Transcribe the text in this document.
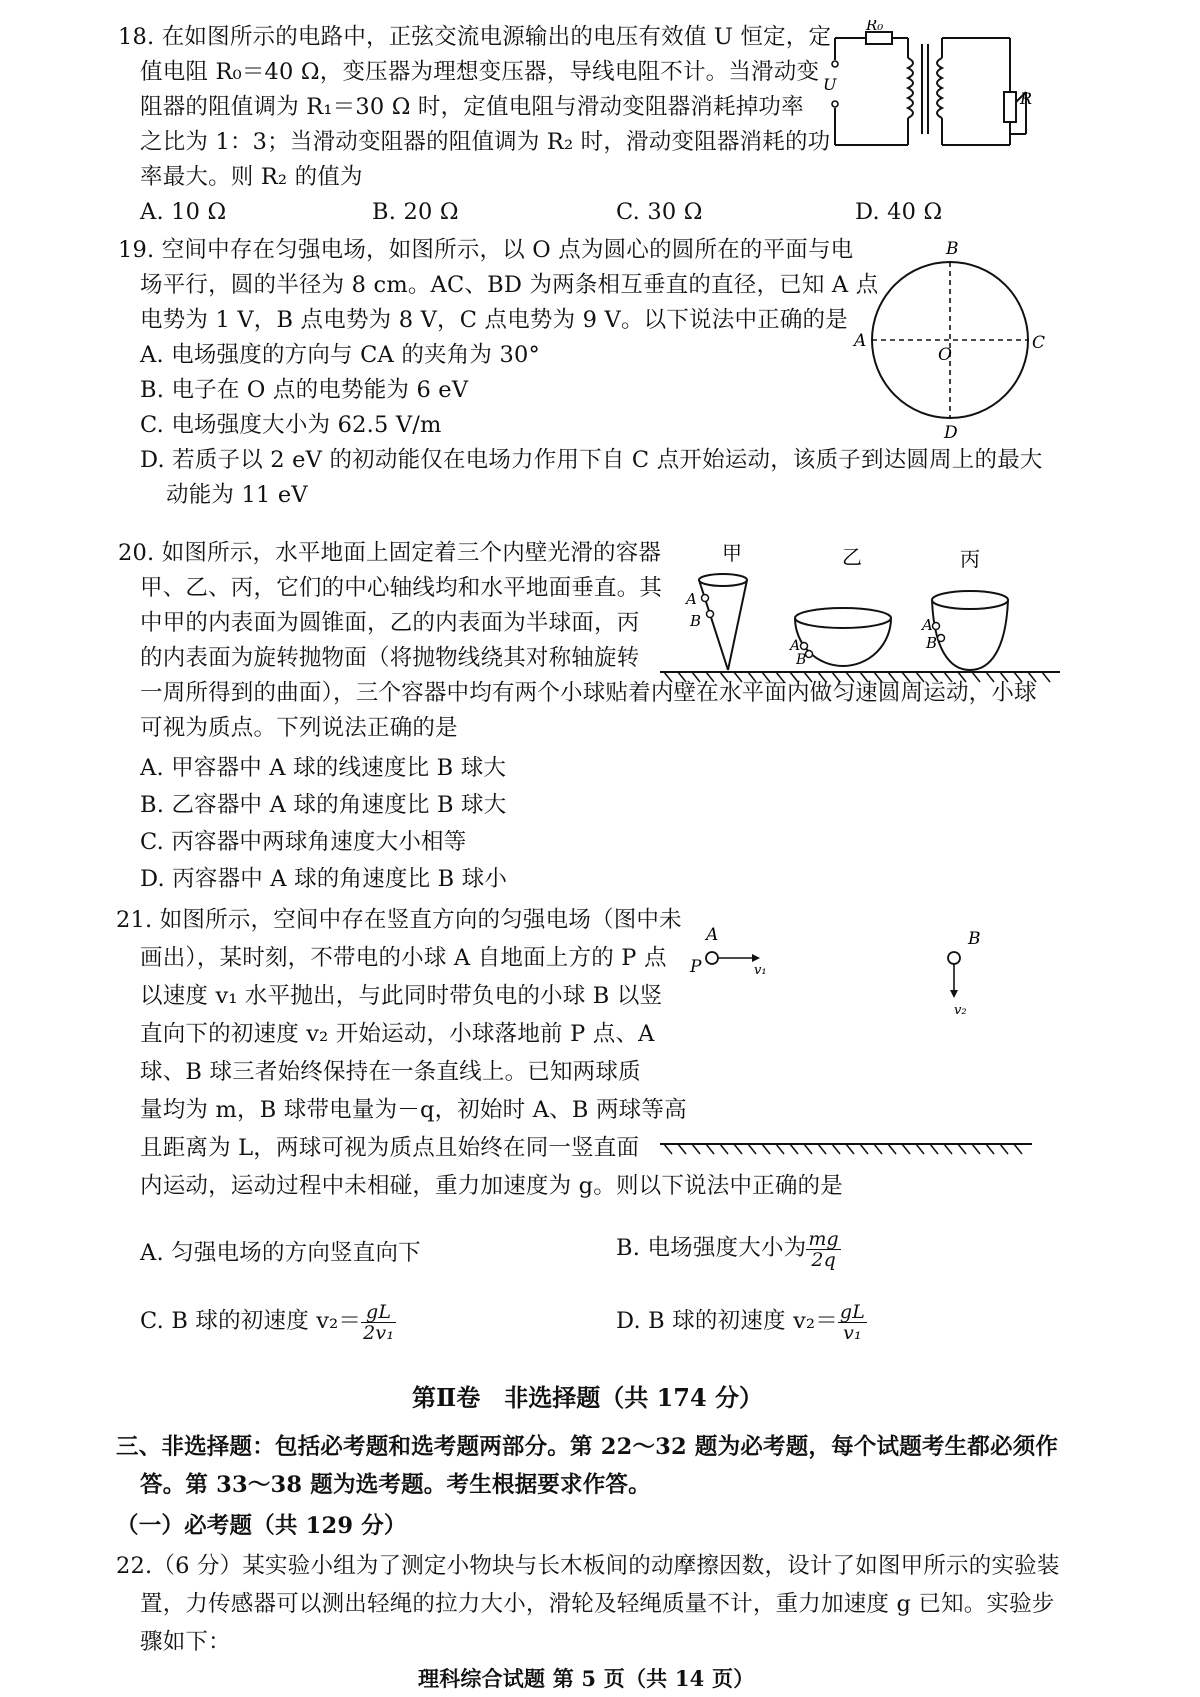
18. 在如图所示的电路中，正弦交流电源输出的电压有效值 U 恒定，定
值电阻 R₀＝40 Ω，变压器为理想变压器，导线电阻不计。当滑动变
阻器的阻值调为 R₁＝30 Ω 时，定值电阻与滑动变阻器消耗掉功率
之比为 1：3；当滑动变阻器的阻值调为 R₂ 时，滑动变阻器消耗的功
率最大。则 R₂ 的值为
A. 10 Ω	B. 20 Ω	C. 30 Ω	D. 40 Ω
R₀
U
R
19. 空间中存在匀强电场，如图所示，以 O 点为圆心的圆所在的平面与电
场平行，圆的半径为 8 cm。AC、BD 为两条相互垂直的直径，已知 A 点
电势为 1 V，B 点电势为 8 V，C 点电势为 9 V。以下说法中正确的是
A. 电场强度的方向与 CA 的夹角为 30°
B. 电子在 O 点的电势能为 6 eV
C. 电场强度大小为 62.5 V/m
D. 若质子以 2 eV 的初动能仅在电场力作用下自 C 点开始运动，该质子到达圆周上的最大
动能为 11 eV
B
A	C
D
O
20. 如图所示，水平地面上固定着三个内壁光滑的容器
甲、乙、丙，它们的中心轴线均和水平地面垂直。其
中甲的内表面为圆锥面，乙的内表面为半球面，丙
的内表面为旋转抛物面（将抛物线绕其对称轴旋转
一周所得到的曲面），三个容器中均有两个小球贴着内壁在水平面内做匀速圆周运动，小球
可视为质点。下列说法正确的是
A. 甲容器中 A 球的线速度比 B 球大
B. 乙容器中 A 球的角速度比 B 球大
C. 丙容器中两球角速度大小相等
D. 丙容器中 A 球的角速度比 B 球小
甲	乙	丙
A
B
A
B
A
B
21. 如图所示，空间中存在竖直方向的匀强电场（图中未
画出），某时刻，不带电的小球 A 自地面上方的 P 点
以速度 v₁ 水平抛出，与此同时带负电的小球 B 以竖
直向下的初速度 v₂ 开始运动，小球落地前 P 点、A
球、B 球三者始终保持在一条直线上。已知两球质
量均为 m，B 球带电量为－q，初始时 A、B 两球等高
且距离为 L，两球可视为质点且始终在同一竖直面
内运动，运动过程中未相碰，重力加速度为 g。则以下说法中正确的是
A. 匀强电场的方向竖直向下	B. 电场强度大小为 $\frac{mg}{2q}$
C. B 球的初速度 $v_2= \frac{gL}{\text{2v₁}}$	D. B 球的初速度 $v_2= \frac{gL}{\text{v₁}}$
A
P	v₁
B
v₂
第Ⅱ卷　非选择题（共 174 分）
三、非选择题：包括必考题和选考题两部分。第 22～32 题为必考题，每个试题考生都必须作
答。第 33～38 题为选考题。考生根据要求作答。
（一）必考题（共 129 分）
22.（6 分）某实验小组为了测定小物块与长木板间的动摩擦因数，设计了如图甲所示的实验装
置，力传感器可以测出轻绳的拉力大小，滑轮及轻绳质量不计，重力加速度 g 已知。实验步
骤如下：
理科综合试题 第 5 页（共 14 页）
